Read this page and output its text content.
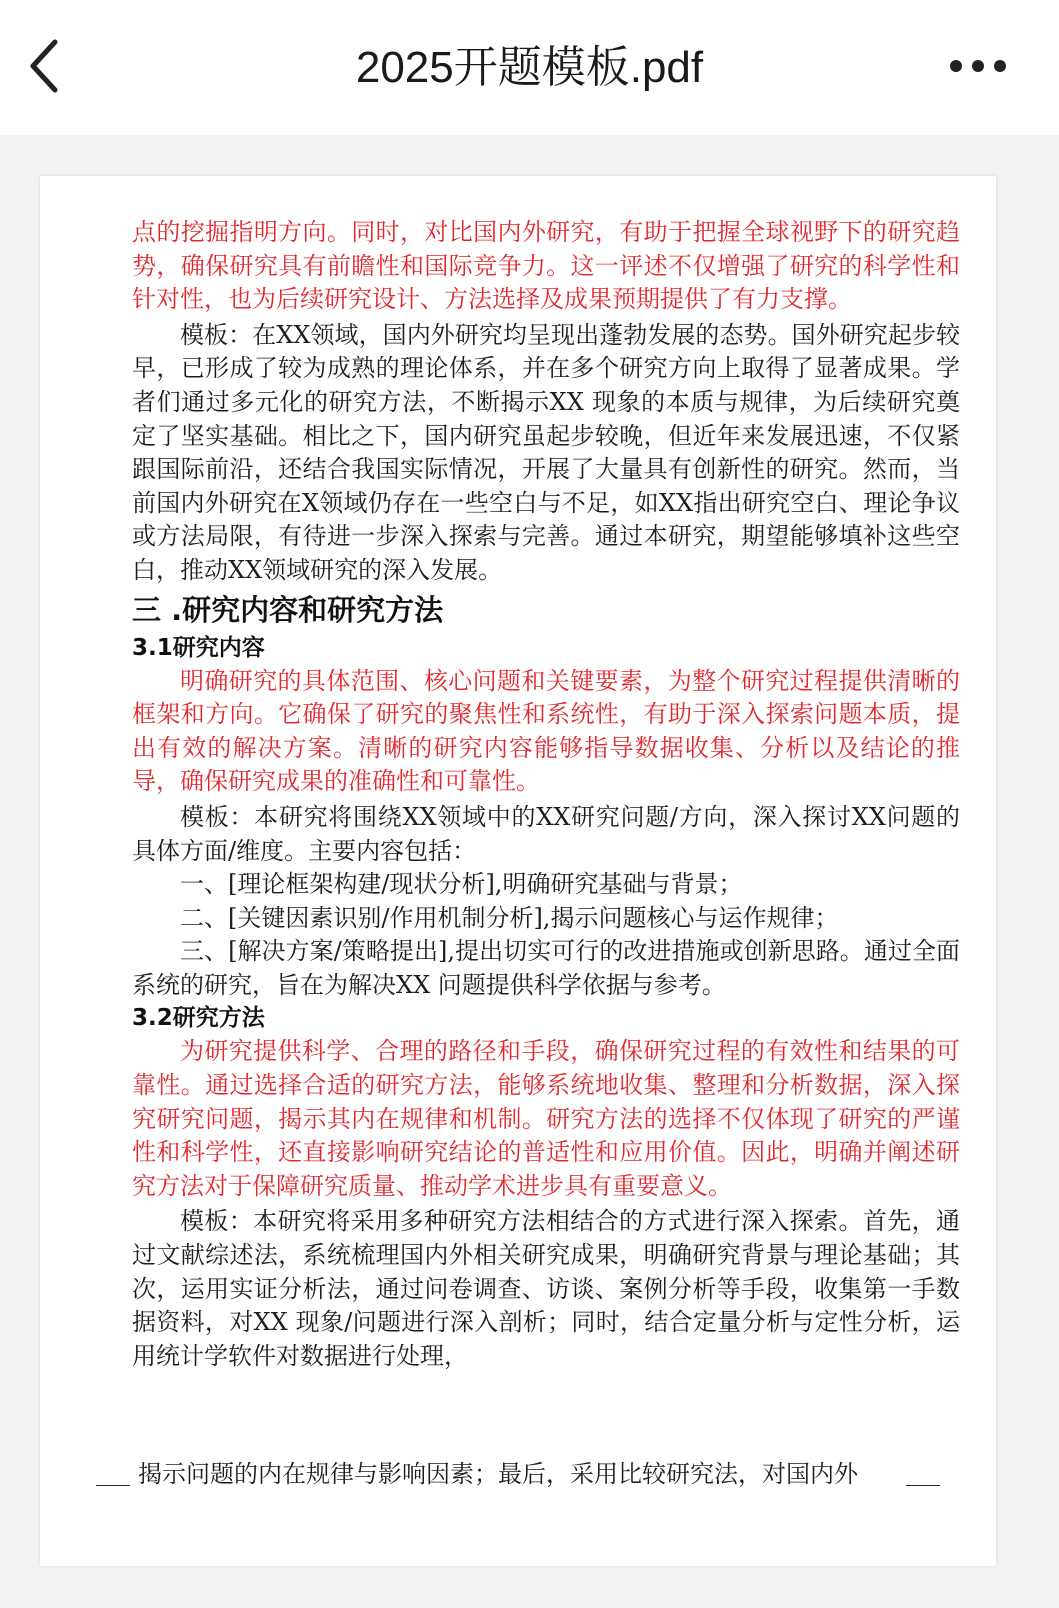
2025开题模板.pdf

点的挖掘指明方向。同时，对比国内外研究，有助于把握全球视野下的研究趋势，确保研究具有前瞻性和国际竞争力。这一评述不仅增强了研究的科学性和针对性，也为后续研究设计、方法选择及成果预期提供了有力支撑。

模板：在XX领域，国内外研究均呈现出蓬勃发展的态势。国外研究起步较早，已形成了较为成熟的理论体系，并在多个研究方向上取得了显著成果。学者们通过多元化的研究方法，不断揭示XX 现象的本质与规律，为后续研究奠定了坚实基础。相比之下，国内研究虽起步较晚，但近年来发展迅速，不仅紧跟国际前沿，还结合我国实际情况，开展了大量具有创新性的研究。然而，当前国内外研究在X领域仍存在一些空白与不足，如XX指出研究空白、理论争议或方法局限，有待进一步深入探索与完善。通过本研究，期望能够填补这些空白，推动XX领域研究的深入发展。

三 .研究内容和研究方法
3.1研究内容

明确研究的具体范围、核心问题和关键要素，为整个研究过程提供清晰的框架和方向。它确保了研究的聚焦性和系统性，有助于深入探索问题本质，提出有效的解决方案。清晰的研究内容能够指导数据收集、分析以及结论的推导，确保研究成果的准确性和可靠性。

模板：本研究将围绕XX领域中的XX研究问题/方向，深入探讨XX问题的具体方面/维度。主要内容包括：

一、[理论框架构建/现状分析],明确研究基础与背景；

二、[关键因素识别/作用机制分析],揭示问题核心与运作规律；

三、[解决方案/策略提出],提出切实可行的改进措施或创新思路。通过全面系统的研究，旨在为解决XX 问题提供科学依据与参考。

3.2研究方法

为研究提供科学、合理的路径和手段，确保研究过程的有效性和结果的可靠性。通过选择合适的研究方法，能够系统地收集、整理和分析数据，深入探究研究问题，揭示其内在规律和机制。研究方法的选择不仅体现了研究的严谨性和科学性，还直接影响研究结论的普适性和应用价值。因此，明确并阐述研究方法对于保障研究质量、推动学术进步具有重要意义。

模板：本研究将采用多种研究方法相结合的方式进行深入探索。首先，通过文献综述法，系统梳理国内外相关研究成果，明确研究背景与理论基础；其次，运用实证分析法，通过问卷调查、访谈、案例分析等手段，收集第一手数据资料，对XX 现象/问题进行深入剖析；同时，结合定量分析与定性分析，运用统计学软件对数据进行处理，

揭示问题的内在规律与影响因素；最后，采用比较研究法，对国内外
